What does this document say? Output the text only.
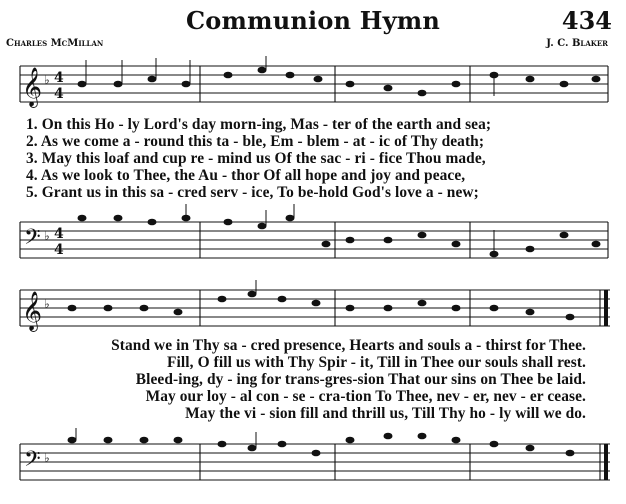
Communion Hymn	434
Charles McMillan	J. C. Blaker
𝄞 ♭ 4
4
1. On this Ho - ly Lord's day morn-ing, Mas - ter of the earth and sea;
2. As we come a - round this ta - ble, Em - blem - at - ic of Thy death;
3. May this loaf and cup re - mind us Of the sac - ri - fice Thou made,
4. As we look to Thee, the Au - thor Of all hope and joy and peace,
5. Grant us in this sa - cred serv - ice, To be-hold God's love a - new;
𝄢 ♭ 4
4
𝄞 ♭
Stand we in Thy sa - cred presence, Hearts and souls a - thirst for Thee.
Fill, O fill us with Thy Spir - it, Till in Thee our souls shall rest.
Bleed-ing, dy - ing for trans-gres-sion That our sins on Thee be laid.
May our loy - al con - se - cra-tion To Thee, nev - er, nev - er cease.
May the vi - sion fill and thrill us, Till Thy ho - ly will we do.
𝄢 ♭
